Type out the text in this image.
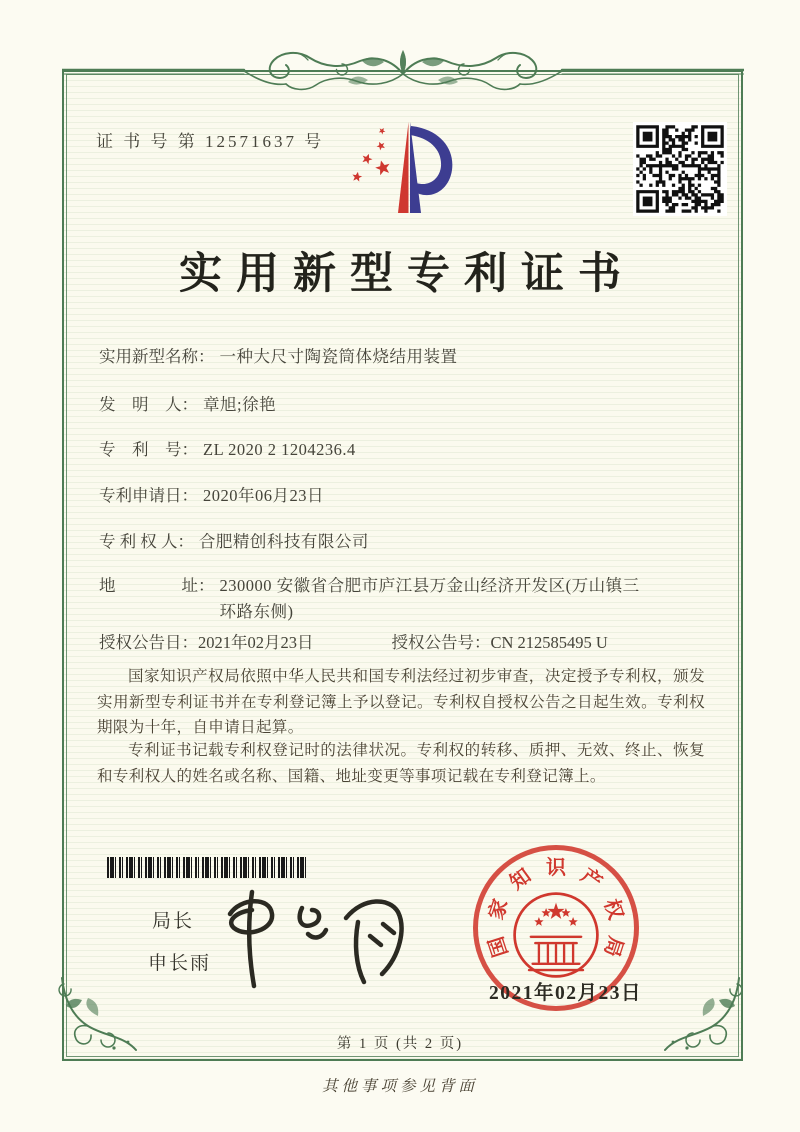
证 书 号 第 12571637 号
实用新型专利证书
实用新型名称： 一种大尺寸陶瓷筒体烧结用装置
发　明　人： 章旭;徐艳
专　利　号： ZL 2020 2 1204236.4
专利申请日： 2020年06月23日
专 利 权 人： 合肥精创科技有限公司
地　　　　址： 230000 安徽省合肥市庐江县万金山经济开发区(万山镇三环路东侧)
授权公告日：2021年02月23日	授权公告号：CN 212585495 U

国家知识产权局依照中华人民共和国专利法经过初步审查，决定授予专利权，颁发实用新型专利证书并在专利登记簿上予以登记。专利权自授权公告之日起生效。专利权期限为十年，自申请日起算。

专利证书记载专利权登记时的法律状况。专利权的转移、质押、无效、终止、恢复和专利权人的姓名或名称、国籍、地址变更等事项记载在专利登记簿上。

局长
申长雨
国
家
知 识 产
权
局
2021年02月23日
第 1 页 (共 2 页)
其他事项参见背面
